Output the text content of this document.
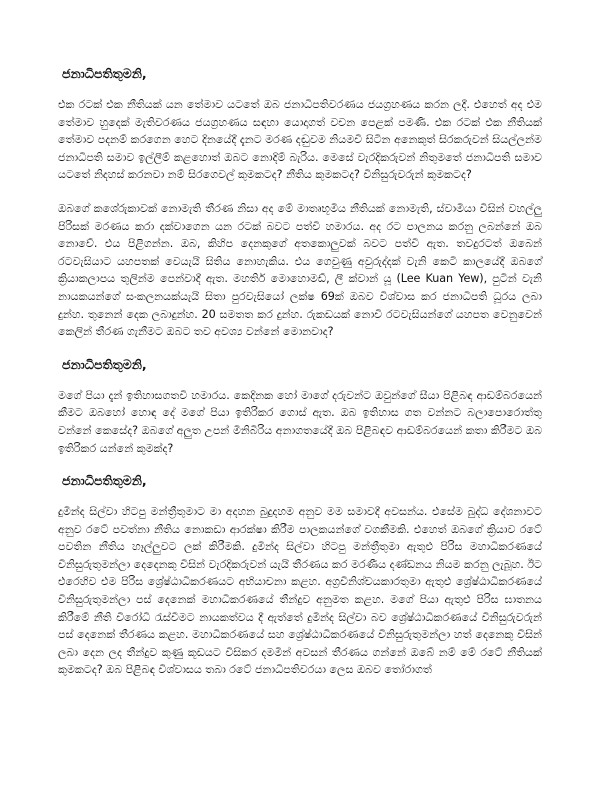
ජනාධිපතිතුමනි,

එක රටක් එක නීතියක් යන තේමාව යටතේ ඔබ ජනාධිපතිවරණය ජයග්‍රහණය කරන ලදී. එහෙත් අද එම තේමාව හුදෙක් මැතිවරණය ජයග්‍රහණය සඳහා යොදාගත් වචන පෙළක් පමණි. එක රටක් එක නීතියක් තේමාව පදනම් කරගෙන හෙට දිනයේදී දැනට මරණ දඬුවම නියමවී සිටින අනෙකුත් සිරකරුවන් සියල්ලන්ම ජනාධිපති සමාව ඉල්ලීම් කළහොත් ඔබට නොදිම් බැරිය. මෙසේ වැරදිකරුවන් නිතුමතේ ජනාධිපති සමාව යටතේ නිදහස් කරනවා නම් සිරගෙවල් කුමකටද? නීතිය කුමකටද? විනිසුරුවරුන් කුමකටද?

ඔබගේ කශේරුකාවක් නොමැති තීරණ නිසා අද මේ මාතෘභූමිය නීතියක් නොමැති, ස්වාමියා විසින් වහල්ලු පිරිසක් මරණය කරා දක්වාගෙන යන රටක් බවට පත්වී හමාරය. අද රට පාලනය කරනු ලබන්නේ ඔබ නොවේ. එය පිළිගන්න. ඔබ, කිහිප දෙනකුගේ අතකොලුවක් බවට පත්වී ඇත. තවදුරටත් ඔබෙන් රටවැසියාට යහපතක් වෙයැයි සිතිය නොහැකිය. එය ගෙවුණු අවුරුද්දක් වැනි කෙටි කාලයේදී ඔබගේ ක්‍රියාකලාපය තුලින්ම පෙන්වාදී ඇත. මහතිර් මොහොමඩ්, ලී ක්වාන් යූ (Lee Kuan Yew), පුටින් වැනි නායකයන්ගේ සංකලනයක්යැයි සිතා පුරවැසියෝ ලක්ෂ 69ක් ඔබව විශ්වාස කර ජනාධිපති ධූරය ලබා දුන්හ. තුනෙන් දෙක ලබාදුන්හ. 20 සමතත කර දුන්හ. රුකඩයක් නොවී රටවැසියන්ගේ යහපත වෙනුවෙන් කෙලින් තීරණ ගැනීමට ඔබට තව අවශ්‍ය වන්නේ මොනවාද?

ජනාධිපතිතුමනි,

මගේ පියා දැන් ඉතිහාසගතවී හමාරය. කෙදිනක හෝ මාගේ දරුවන්ට ඔවුන්ගේ සීයා පිළිබඳ ආඩම්බරයෙන් කීමට ඔබහෝ හොඳ දේ මගේ පියා ඉතිරිකර ගොස් ඇත. ඔබ ඉතිහාස ගත වන්නට බලාපොරොත්තු වන්නේ කෙසේද? ඔබගේ අලුත උපන් මිනිබිරිය අනාගතයේදී ඔබ පිළිබඳව ආඩම්බරයෙන් කතා කිරීමට ඔබ ඉතිරිකර යන්නේ කුමක්ද?

ජනාධිපතිතුමනි,

දුමින්ද සිල්වා හිටපු මන්ත්‍රීතුමාට මා අදහන බුදුදහම අනුව මම සමාවදී අවසන්ය. එසේම බුද්ධ දේශනාවට අනුව රටේ පවත්නා නීතිය නොකඩා ආරක්ෂා කිරීම පාලකයන්ගේ වගකීමකි. එහෙත් ඔබගේ ක්‍රියාව රටේ පවතින නීතිය හෑල්ලුවට ලක් කිරීමකි. දුමින්ද සිල්වා හිටපු මන්ත්‍රීතුමා ඇතුළු පිරිස මහාධිකරණයේ විනිසුරුතුමන්ලා දෙදෙනකු විසින් වැරදිකරුවන් යැයි තීරණය කර මරණීය දණ්ඩනය නියම කරනු ලැබූහ. ඊට එරෙහිව එම පිරිස ශ්‍රේෂ්ඨාධිකරණයට අභියාචනා කළහ. අග්‍රවිනිශ්චයකාරතුමා ඇතුළු ශ්‍රේෂ්ඨාධිකරණයේ විනිසුරුතුමන්ලා පස් දෙනෙක් මහාධිකරණයේ තීන්දුව අනුමත කළහ. මගේ පියා ඇතුළු පිරිස ඝාතනය කිරීමේ නීති විරෝධී රැස්වීමට නායකත්වය දී ඇත්තේ දුමින්ද සිල්වා බව ශ්‍රේෂ්ඨාධිකරණයේ විනිසුරුවරුන් පස් දෙනෙක් තීරණය කළහ. මහාධිකරණයේ සහ ශ්‍රේෂ්ඨාධිකරණයේ විනිසුරුතුමන්ලා හත් දෙනෙකු විසින් ලබා දෙන ලද තීන්දුව කුණු කූඩයට විසිකර දමමින් අවසන් තීරණය ගන්නේ ඔබේ නම් මේ රටේ නීතියක් කුමකටද? ඔබ පිළිබඳ විශ්වාසය තබා රටේ ජනාධිපතිවරයා ලෙස ඔබව තෝරාගත්
